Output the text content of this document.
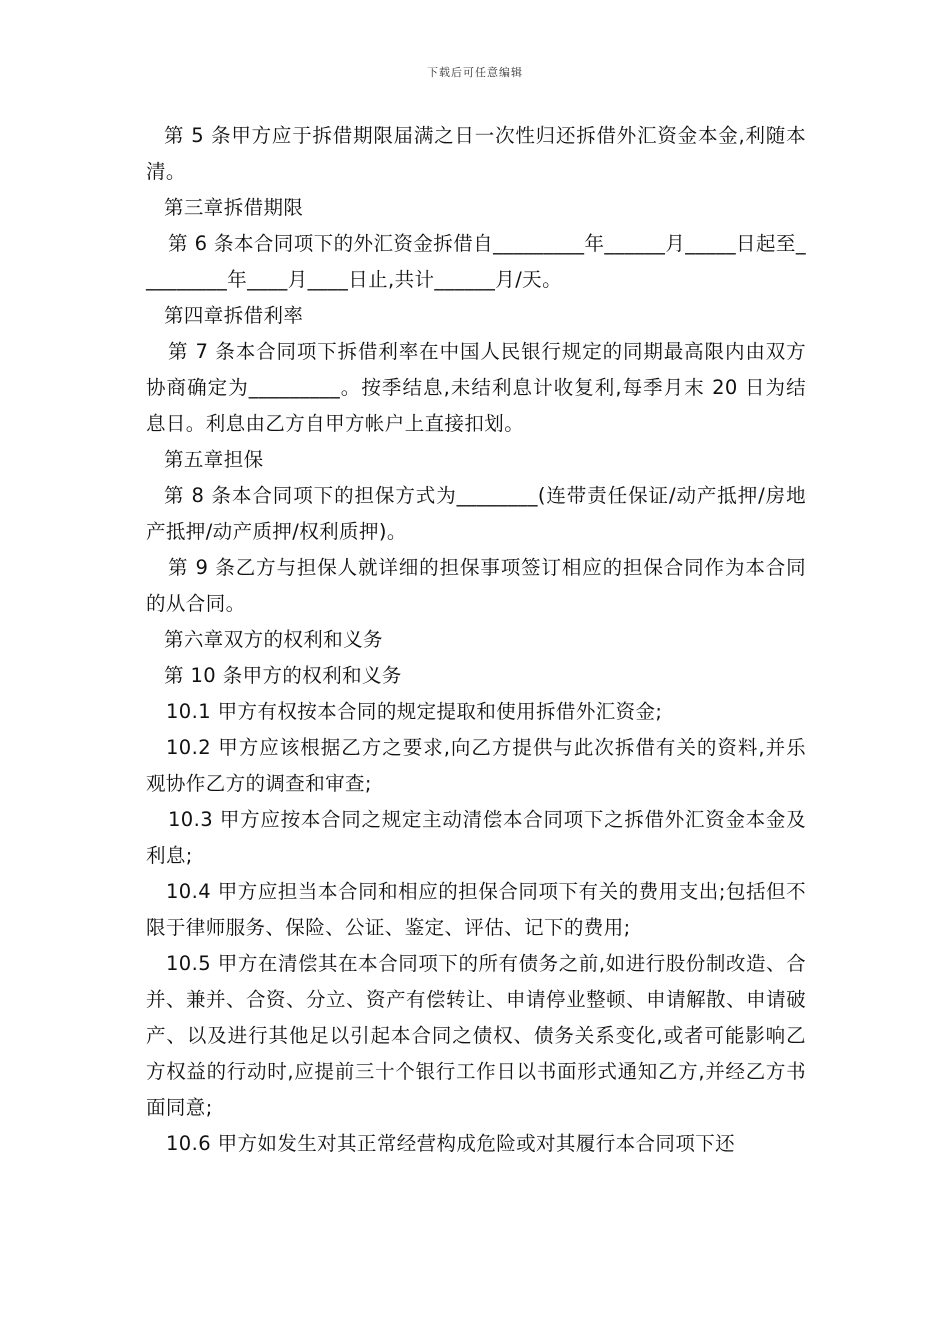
下载后可任意编辑

第 5 条甲方应于拆借期限届满之日一次性归还拆借外汇资金本金,利随本清。

第三章拆借期限

第 6 条本合同项下的外汇资金拆借自_________年______月_____日起至_________年____月____日止,共计______月/天。

第四章拆借利率

第 7 条本合同项下拆借利率在中国人民银行规定的同期最高限内由双方协商确定为_________。按季结息,未结利息计收复利,每季月末 20 日为结息日。利息由乙方自甲方帐户上直接扣划。

第五章担保

第 8 条本合同项下的担保方式为________(连带责任保证/动产抵押/房地产抵押/动产质押/权利质押)。

第 9 条乙方与担保人就详细的担保事项签订相应的担保合同作为本合同的从合同。

第六章双方的权利和义务

第 10 条甲方的权利和义务

10.1 甲方有权按本合同的规定提取和使用拆借外汇资金;

10.2 甲方应该根据乙方之要求,向乙方提供与此次拆借有关的资料,并乐观协作乙方的调查和审查;

10.3 甲方应按本合同之规定主动清偿本合同项下之拆借外汇资金本金及利息;

10.4 甲方应担当本合同和相应的担保合同项下有关的费用支出;包括但不限于律师服务、保险、公证、鉴定、评估、记下的费用;

10.5 甲方在清偿其在本合同项下的所有债务之前,如进行股份制改造、合并、兼并、合资、分立、资产有偿转让、申请停业整顿、申请解散、申请破产、以及进行其他足以引起本合同之债权、债务关系变化,或者可能影响乙方权益的行动时,应提前三十个银行工作日以书面形式通知乙方,并经乙方书面同意;

10.6 甲方如发生对其正常经营构成危险或对其履行本合同项下还
